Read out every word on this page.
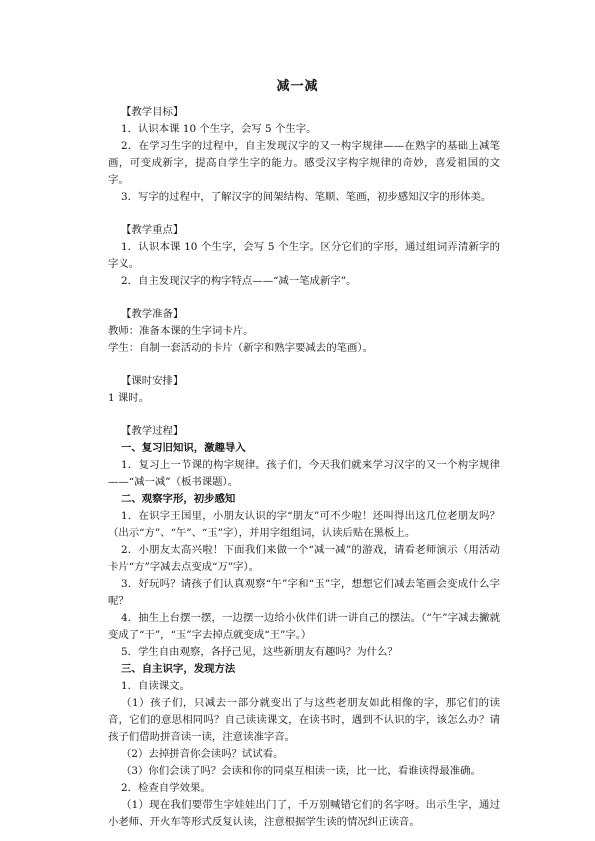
减一减

【教学目标】

1．认识本课 10 个生字，会写 5 个生字。

2．在学习生字的过程中，自主发现汉字的又一构字规律——在熟字的基础上减笔画，可变成新字，提高自学生字的能力。感受汉字构字规律的奇妙，喜爱祖国的文字。

3．写字的过程中，了解汉字的间架结构、笔顺、笔画，初步感知汉字的形体美。

【教学重点】

1．认识本课 10 个生字，会写 5 个生字。区分它们的字形，通过组词弄清新字的字义。

2．自主发现汉字的构字特点——“减一笔成新字”。

【教学准备】

教师：准备本课的生字词卡片。

学生：自制一套活动的卡片（新字和熟字要减去的笔画）。

【课时安排】

1 课时。

【教学过程】

一、复习旧知识，激趣导入

1．复习上一节课的构字规律。孩子们，今天我们就来学习汉字的又一个构字规律——“减一减”（板书课题）。

二、观察字形，初步感知

1．在识字王国里，小朋友认识的字“朋友”可不少啦！还叫得出这几位老朋友吗？（出示“方”、“午”、“玉”字），并用字组组词，认读后贴在黑板上。

2．小朋友太高兴啦！下面我们来做一个“减一减”的游戏，请看老师演示（用活动卡片“方”字减去点变成“万”字）。

3．好玩吗？请孩子们认真观察“午”字和“玉”字，想想它们减去笔画会变成什么字呢？

4．抽生上台摆一摆，一边摆一边给小伙伴们讲一讲自己的摆法。（“午”字减去撇就变成了“干”，“玉”字去掉点就变成“王”字。）

5．学生自由观察，各抒己见，这些新朋友有趣吗？为什么？

三、自主识字，发现方法

1．自读课文。

（1）孩子们，只减去一部分就变出了与这些老朋友如此相像的字，那它们的读音，它们的意思相同吗？自己读读课文，在读书时，遇到不认识的字，该怎么办？请孩子们借助拼音读一读，注意读准字音。

（2）去掉拼音你会读吗？试试看。

（3）你们会读了吗？会读和你的同桌互相读一读，比一比，看谁读得最准确。

2．检查自学效果。

（1）现在我们要带生字娃娃出门了，千万别喊错它们的名字呀。出示生字，通过小老师、开火车等形式反复认读，注意根据学生读的情况纠正读音。
